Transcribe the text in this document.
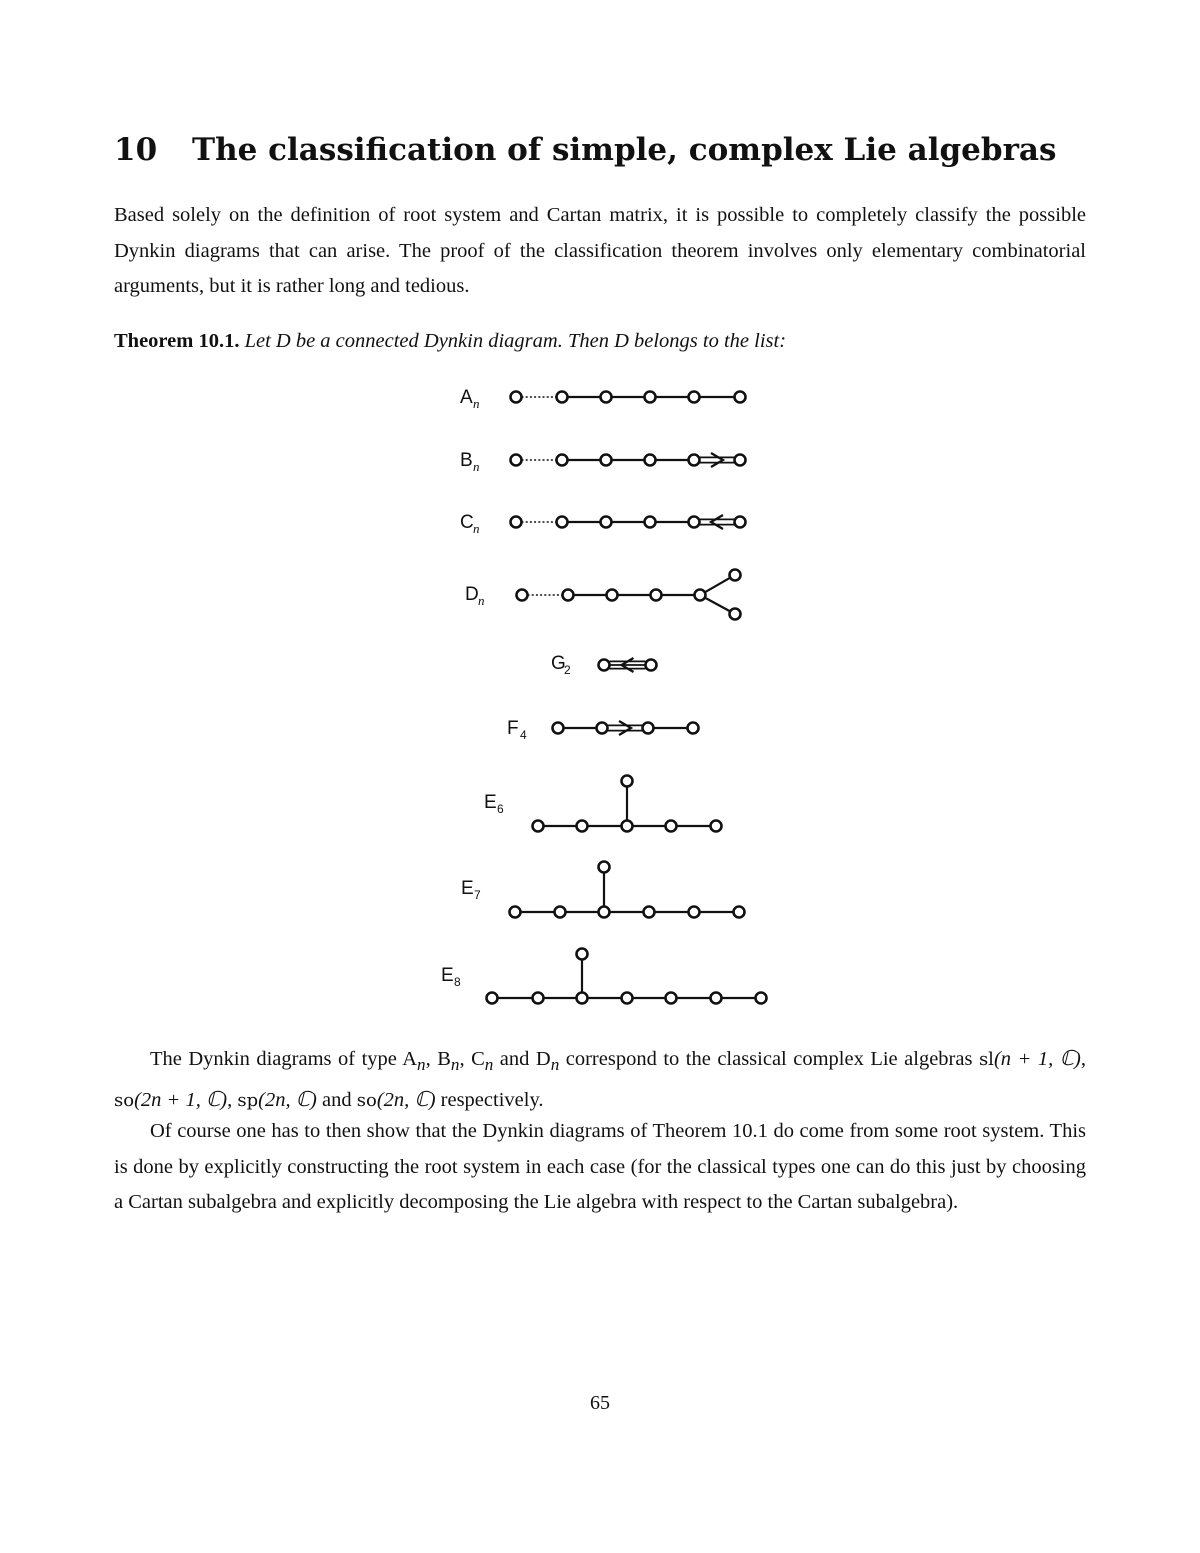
10 The classification of simple, complex Lie algebras

Based solely on the definition of root system and Cartan matrix, it is possible to completely classify the possible Dynkin diagrams that can arise. The proof of the classification theorem involves only elementary combinatorial arguments, but it is rather long and tedious.

Theorem 10.1. Let D be a connected Dynkin diagram. Then D belongs to the list:

A n
B n
C n
D n
G
2
F 4
E 6
E 7
E 8

The Dynkin diagrams of type $A_n$, $B_n$, $C_n$ and $D_n$ correspond to the classical complex Lie algebras sl(n + 1, ℂ), so(2n + 1, ℂ), sp(2n, ℂ) and so(2n, ℂ) respectively.

Of course one has to then show that the Dynkin diagrams of Theorem 10.1 do come from some root system. This is done by explicitly constructing the root system in each case (for the classical types one can do this just by choosing a Cartan subalgebra and explicitly decomposing the Lie algebra with respect to the Cartan subalgebra).

65
